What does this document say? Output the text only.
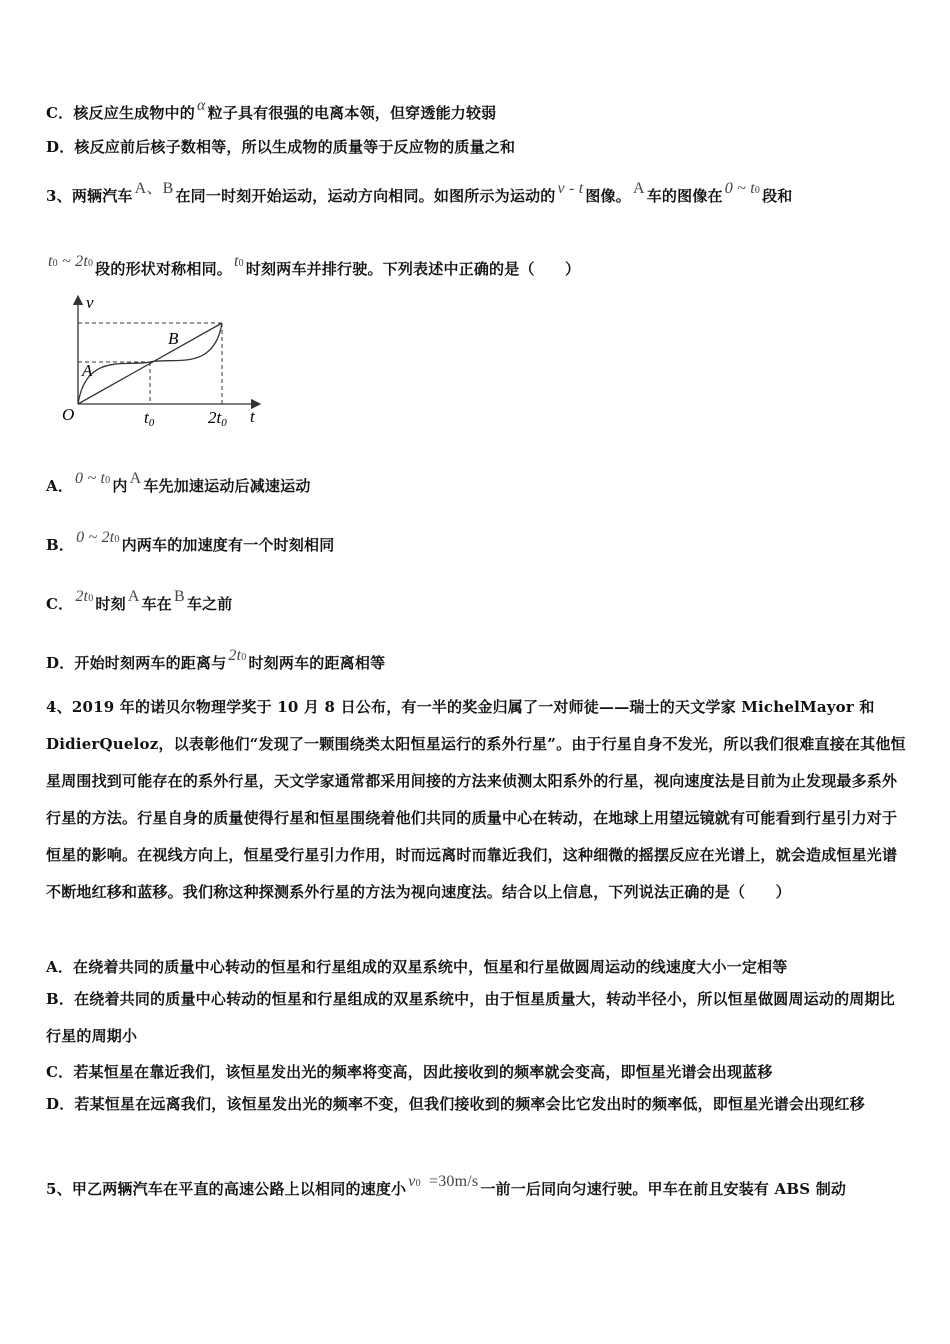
C．核反应生成物中的 α 粒子具有很强的电离本领，但穿透能力较弱
D．核反应前后核子数相等，所以生成物的质量等于反应物的质量之和
3、两辆汽车 A、B 在同一时刻开始运动，运动方向相同。如图所示为运动的 v - t 图像。 A 车的图像在 0 ~ t0 段和
t0 ~ 2t0 段的形状对称相同。 t0 时刻两车并排行驶。下列表述中正确的是（　　）
v
t
O
A
B
t0	2t0
A． 0 ~ t0 内 A 车先加速运动后减速运动
B． 0 ~ 2t0 内两车的加速度有一个时刻相同
C． 2t0 时刻 A 车在 B 车之前
D．开始时刻两车的距离与 2t0 时刻两车的距离相等
4、2019 年的诺贝尔物理学奖于 10 月 8 日公布，有一半的奖金归属了一对师徒——瑞士的天文学家 MichelMayor 和 DidierQueloz，以表彰他们“发现了一颗围绕类太阳恒星运行的系外行星”。由于行星自身不发光，所以我们很难直接在其他恒星周围找到可能存在的系外行星，天文学家通常都采用间接的方法来侦测太阳系外的行星，视向速度法是目前为止发现最多系外行星的方法。行星自身的质量使得行星和恒星围绕着他们共同的质量中心在转动，在地球上用望远镜就有可能看到行星引力对于恒星的影响。在视线方向上，恒星受行星引力作用，时而远离时而靠近我们，这种细微的摇摆反应在光谱上，就会造成恒星光谱不断地红移和蓝移。我们称这种探测系外行星的方法为视向速度法。结合以上信息，下列说法正确的是（　　）
A．在绕着共同的质量中心转动的恒星和行星组成的双星系统中，恒星和行星做圆周运动的线速度大小一定相等
B．在绕着共同的质量中心转动的恒星和行星组成的双星系统中，由于恒星质量大，转动半径小，所以恒星做圆周运动的周期比行星的周期小
C．若某恒星在靠近我们，该恒星发出光的频率将变高，因此接收到的频率就会变高，即恒星光谱会出现蓝移
D．若某恒星在远离我们，该恒星发出光的频率不变，但我们接收到的频率会比它发出时的频率低，即恒星光谱会出现红移
5、甲乙两辆汽车在平直的高速公路上以相同的速度小 v0 =30m/s 一前一后同向匀速行驶。甲车在前且安装有 ABS 制动
